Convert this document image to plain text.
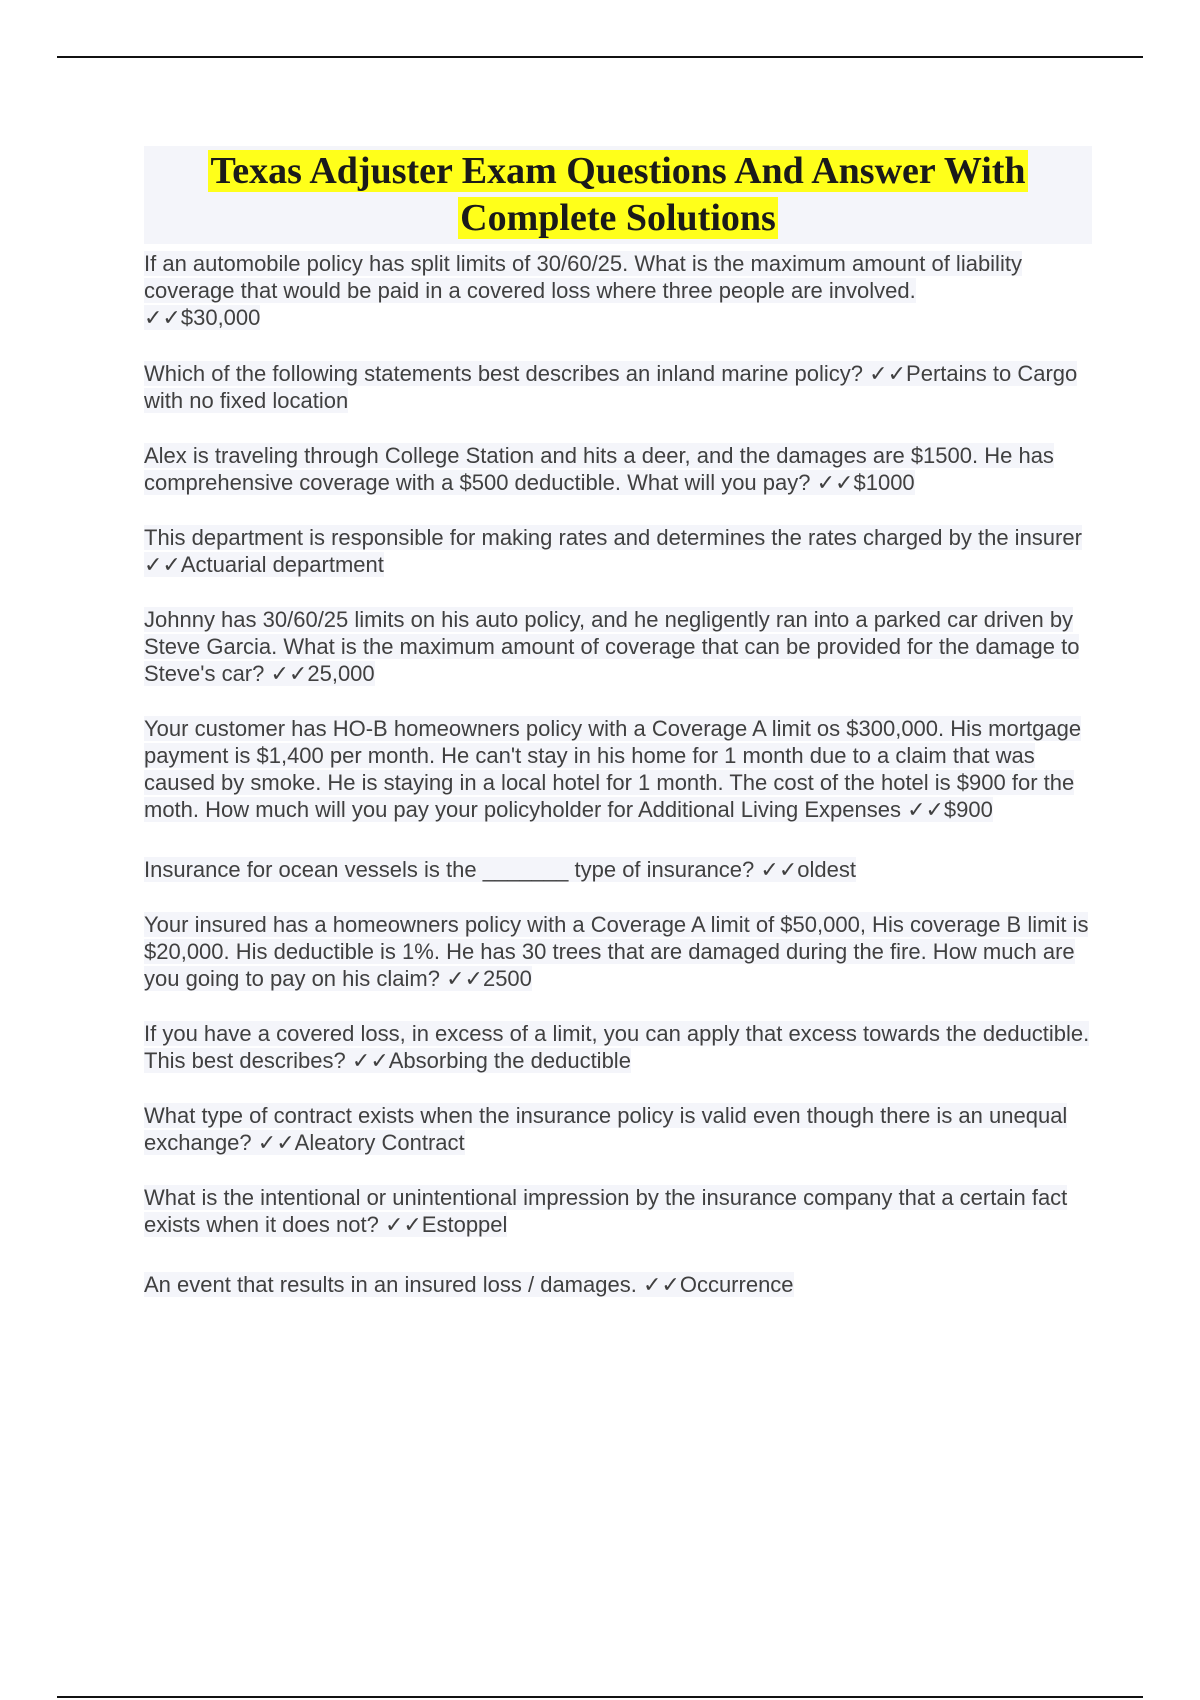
Texas Adjuster Exam Questions And Answer With
Complete Solutions

If an automobile policy has split limits of 30/60/25. What is the maximum amount of liability coverage that would be paid in a covered loss where three people are involved.
✓✓$30,000

Which of the following statements best describes an inland marine policy? ✓✓Pertains to Cargo with no fixed location

Alex is traveling through College Station and hits a deer, and the damages are $1500. He has comprehensive coverage with a $500 deductible. What will you pay? ✓✓$1000

This department is responsible for making rates and determines the rates charged by the insurer ✓✓Actuarial department

Johnny has 30/60/25 limits on his auto policy, and he negligently ran into a parked car driven by Steve Garcia. What is the maximum amount of coverage that can be provided for the damage to Steve's car? ✓✓25,000

Your customer has HO-B homeowners policy with a Coverage A limit os $300,000. His mortgage payment is $1,400 per month. He can't stay in his home for 1 month due to a claim that was caused by smoke. He is staying in a local hotel for 1 month. The cost of the hotel is $900 for the moth. How much will you pay your policyholder for Additional Living Expenses ✓✓$900

Insurance for ocean vessels is the _______ type of insurance? ✓✓oldest

Your insured has a homeowners policy with a Coverage A limit of $50,000, His coverage B limit is $20,000. His deductible is 1%. He has 30 trees that are damaged during the fire. How much are you going to pay on his claim? ✓✓2500

If you have a covered loss, in excess of a limit, you can apply that excess towards the deductible. This best describes? ✓✓Absorbing the deductible

What type of contract exists when the insurance policy is valid even though there is an unequal exchange? ✓✓Aleatory Contract

What is the intentional or unintentional impression by the insurance company that a certain fact exists when it does not? ✓✓Estoppel

An event that results in an insured loss / damages. ✓✓Occurrence
